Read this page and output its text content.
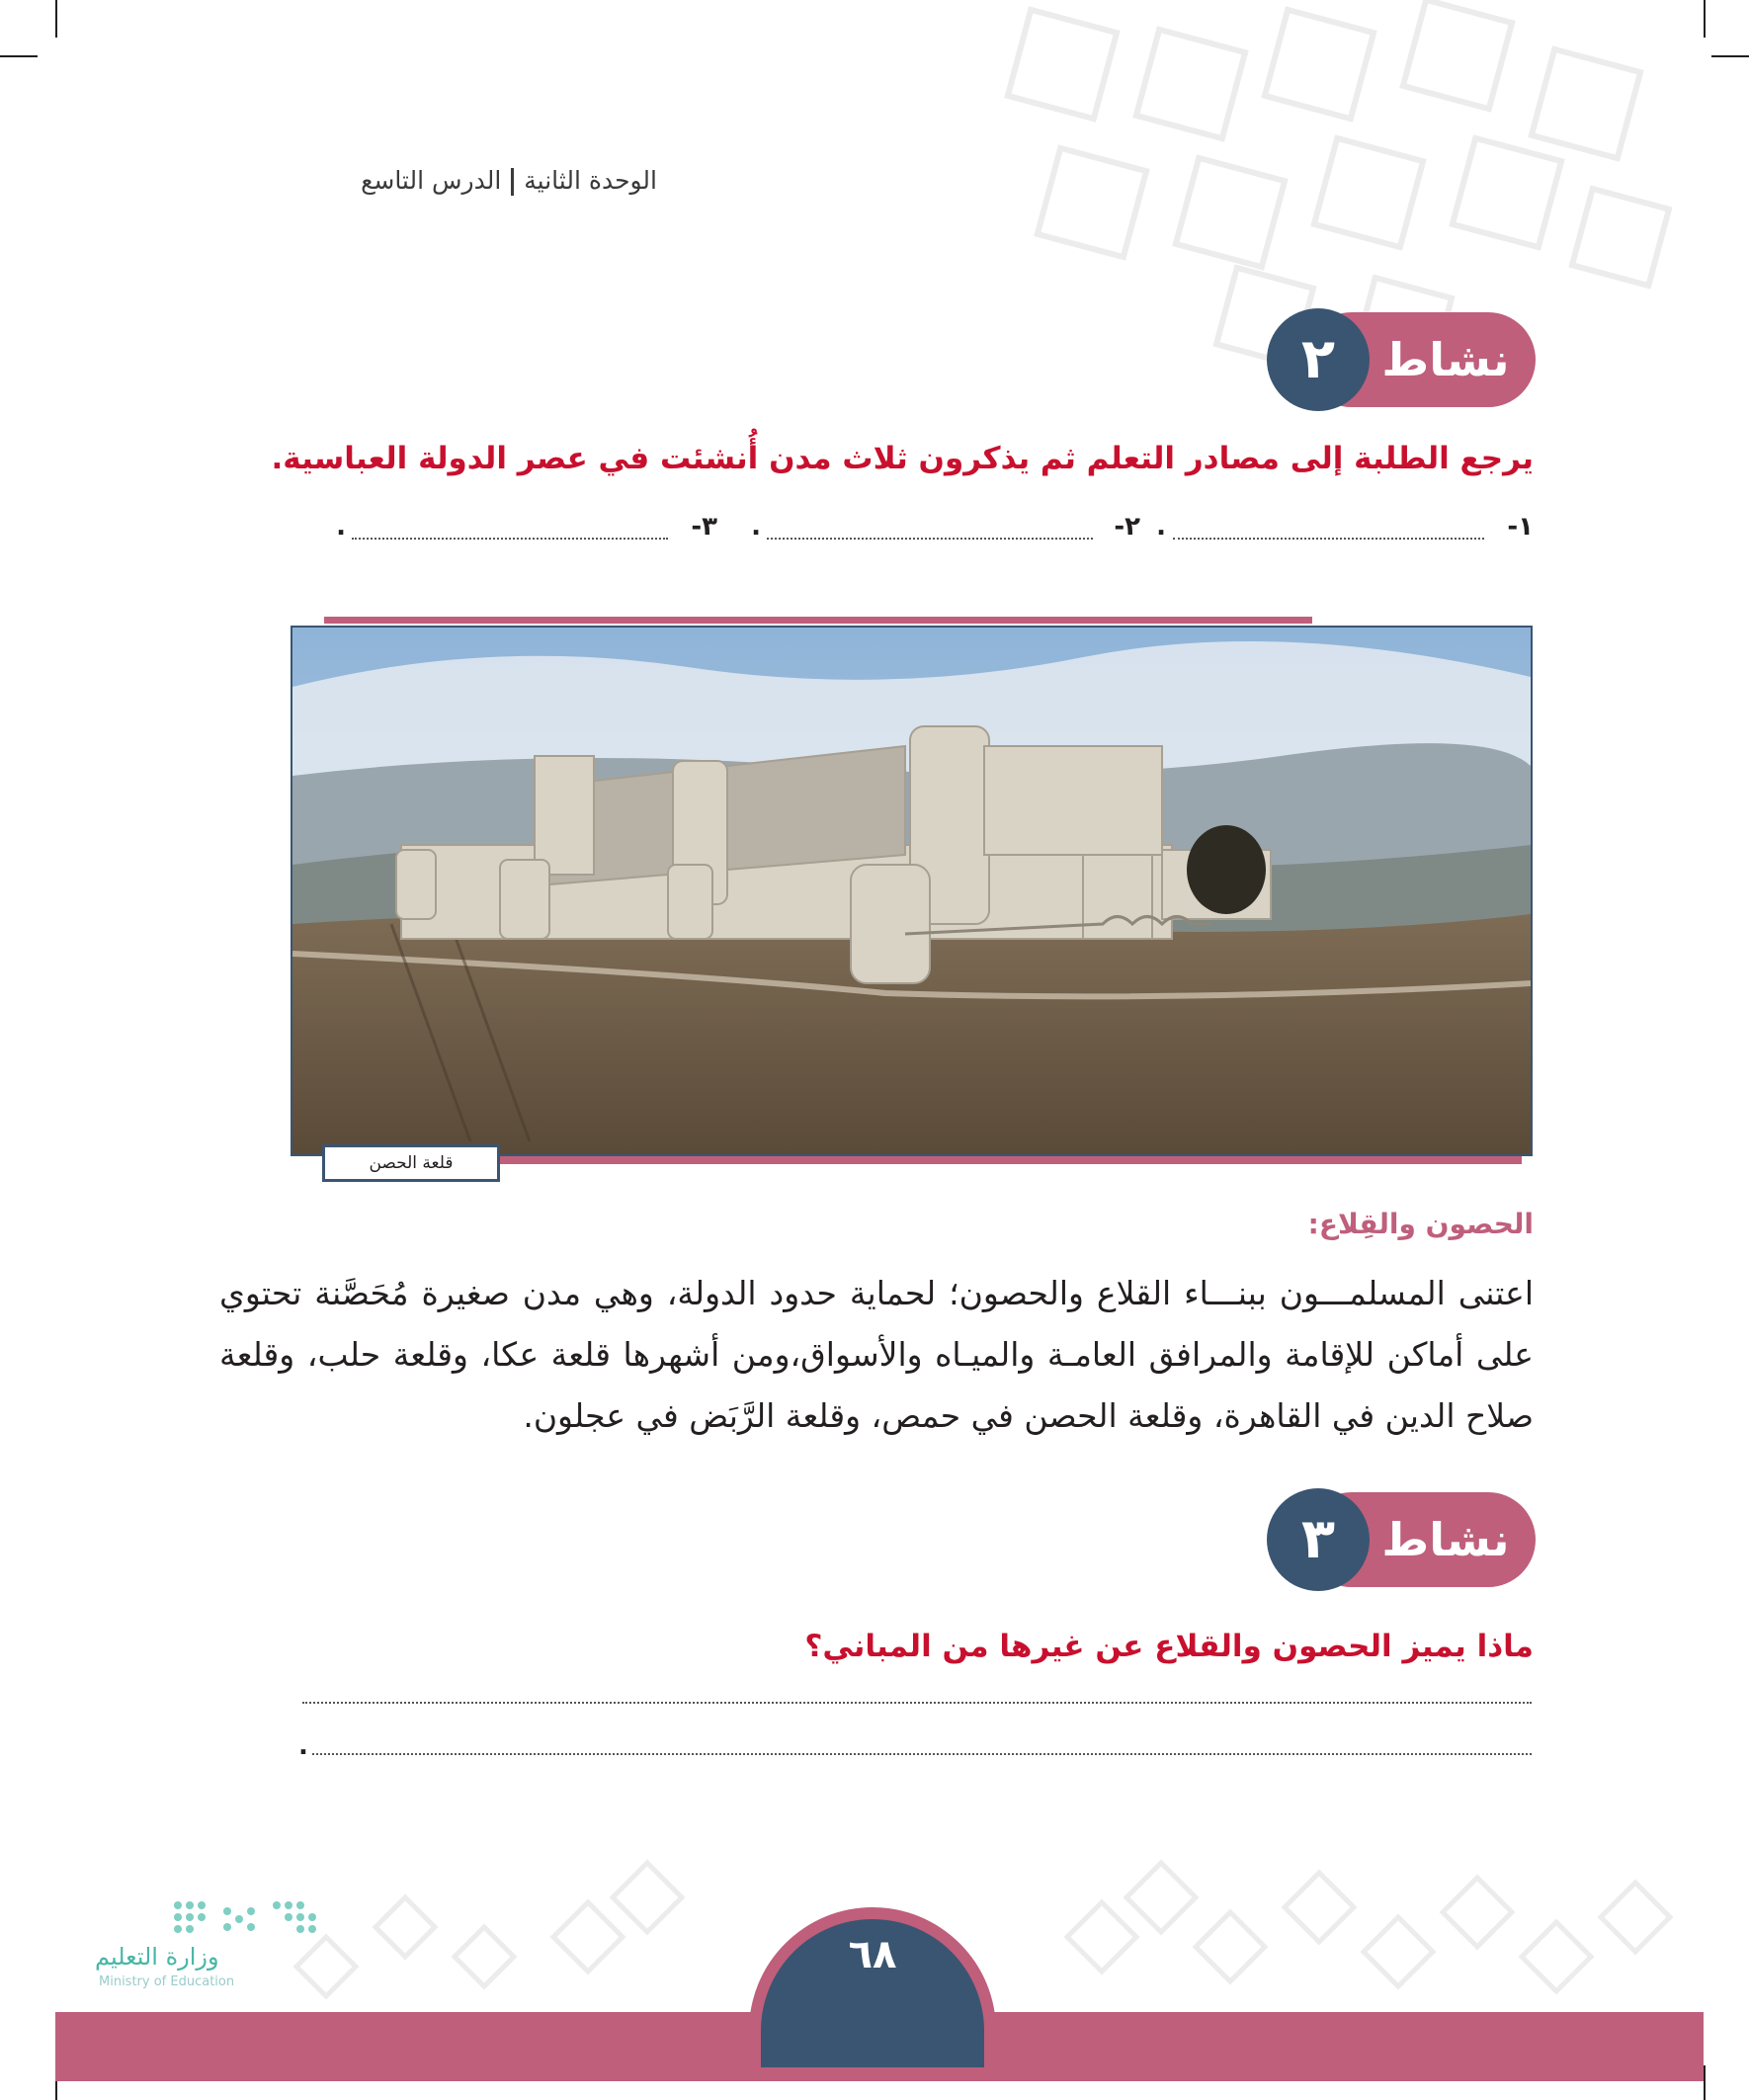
الوحدة الثانيةالدرس التاسع
نشاط
٢
يرجع الطلبة إلى مصادر التعلم ثم يذكرون ثلاث مدن أُنشئت في عصر الدولة العباسية.
١-
.
٢-
.
٣-
.
قلعة الحصن
الحصون والقِلاع:
اعتنى المسلمـــون ببنـــاء القلاع والحصون؛ لحماية حدود الدولة، وهي مدن صغيرة مُحَصَّنة تحتوي على أماكن للإقامة والمرافق العامـة والميـاه والأسواق،ومن أشهرها قلعة عكا، وقلعة حلب، وقلعة صلاح الدين في القاهرة، وقلعة الحصن في حمص، وقلعة الرَّبَض في عجلون.
نشاط
٣
ماذا يميز الحصون والقلاع عن غيرها من المباني؟
.
٦٨
وزارة التعليم
Ministry of Education
